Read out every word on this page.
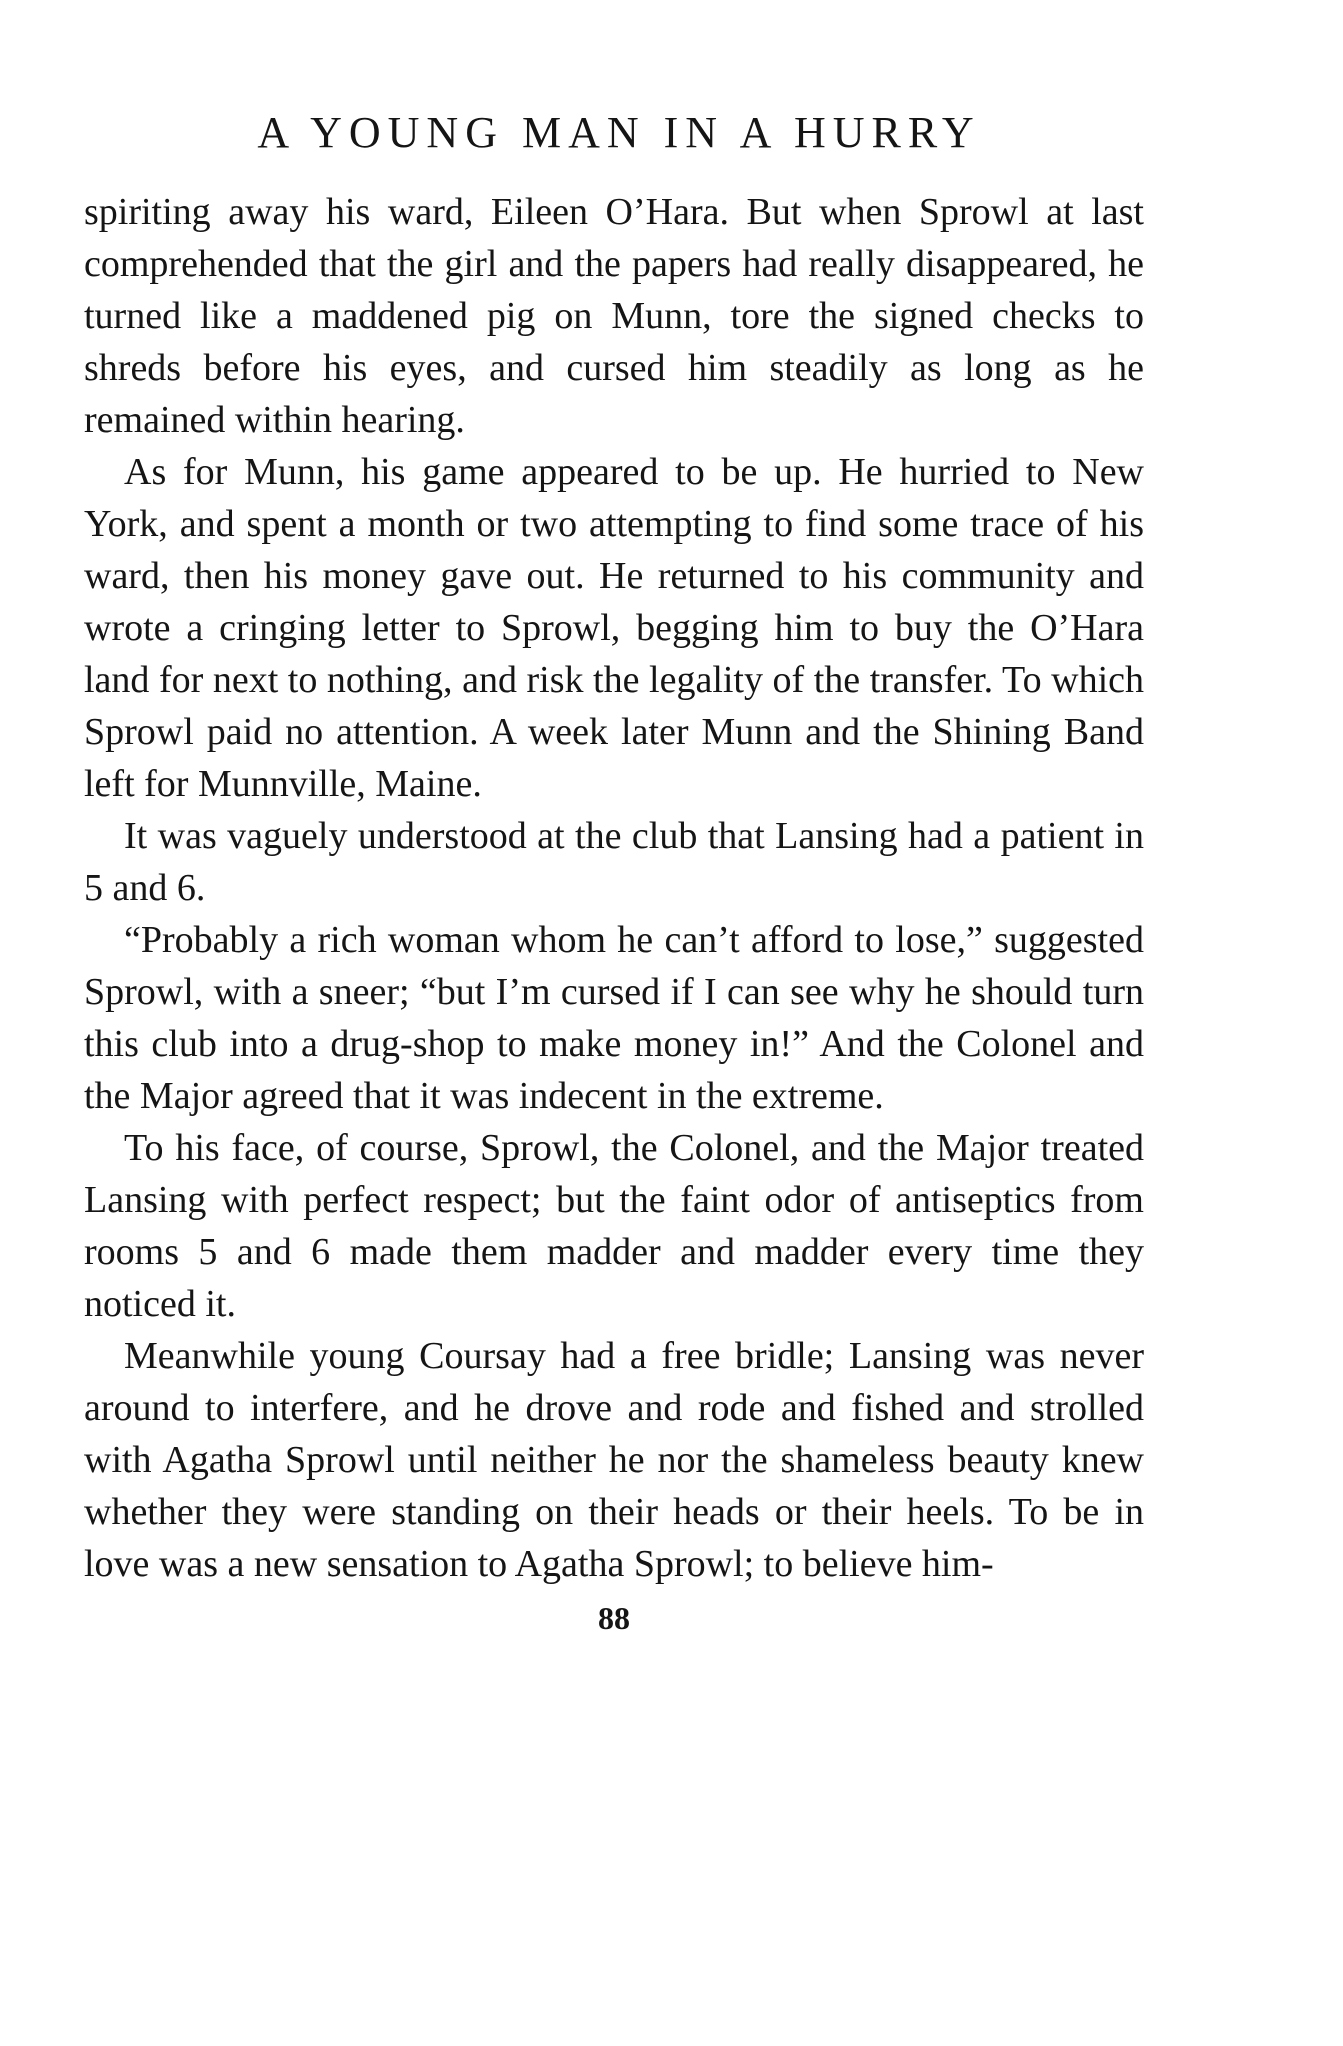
A YOUNG MAN IN A HURRY

spiriting away his ward, Eileen O’Hara. But when Sprowl at last comprehended that the girl and the papers had really disappeared, he turned like a maddened pig on Munn, tore the signed checks to shreds before his eyes, and cursed him steadily as long as he remained within hearing.

As for Munn, his game appeared to be up. He hurried to New York, and spent a month or two attempting to find some trace of his ward, then his money gave out. He returned to his community and wrote a cringing letter to Sprowl, begging him to buy the O’Hara land for next to nothing, and risk the legality of the transfer. To which Sprowl paid no attention. A week later Munn and the Shining Band left for Munnville, Maine.

It was vaguely understood at the club that Lansing had a patient in 5 and 6.

“Probably a rich woman whom he can’t afford to lose,” suggested Sprowl, with a sneer; “but I’m cursed if I can see why he should turn this club into a drug-shop to make money in!” And the Colonel and the Major agreed that it was indecent in the extreme.

To his face, of course, Sprowl, the Colonel, and the Major treated Lansing with perfect respect; but the faint odor of antiseptics from rooms 5 and 6 made them madder and madder every time they noticed it.

Meanwhile young Coursay had a free bridle; Lansing was never around to interfere, and he drove and rode and fished and strolled with Agatha Sprowl until neither he nor the shameless beauty knew whether they were standing on their heads or their heels. To be in love was a new sensation to Agatha Sprowl; to believe him-

88
